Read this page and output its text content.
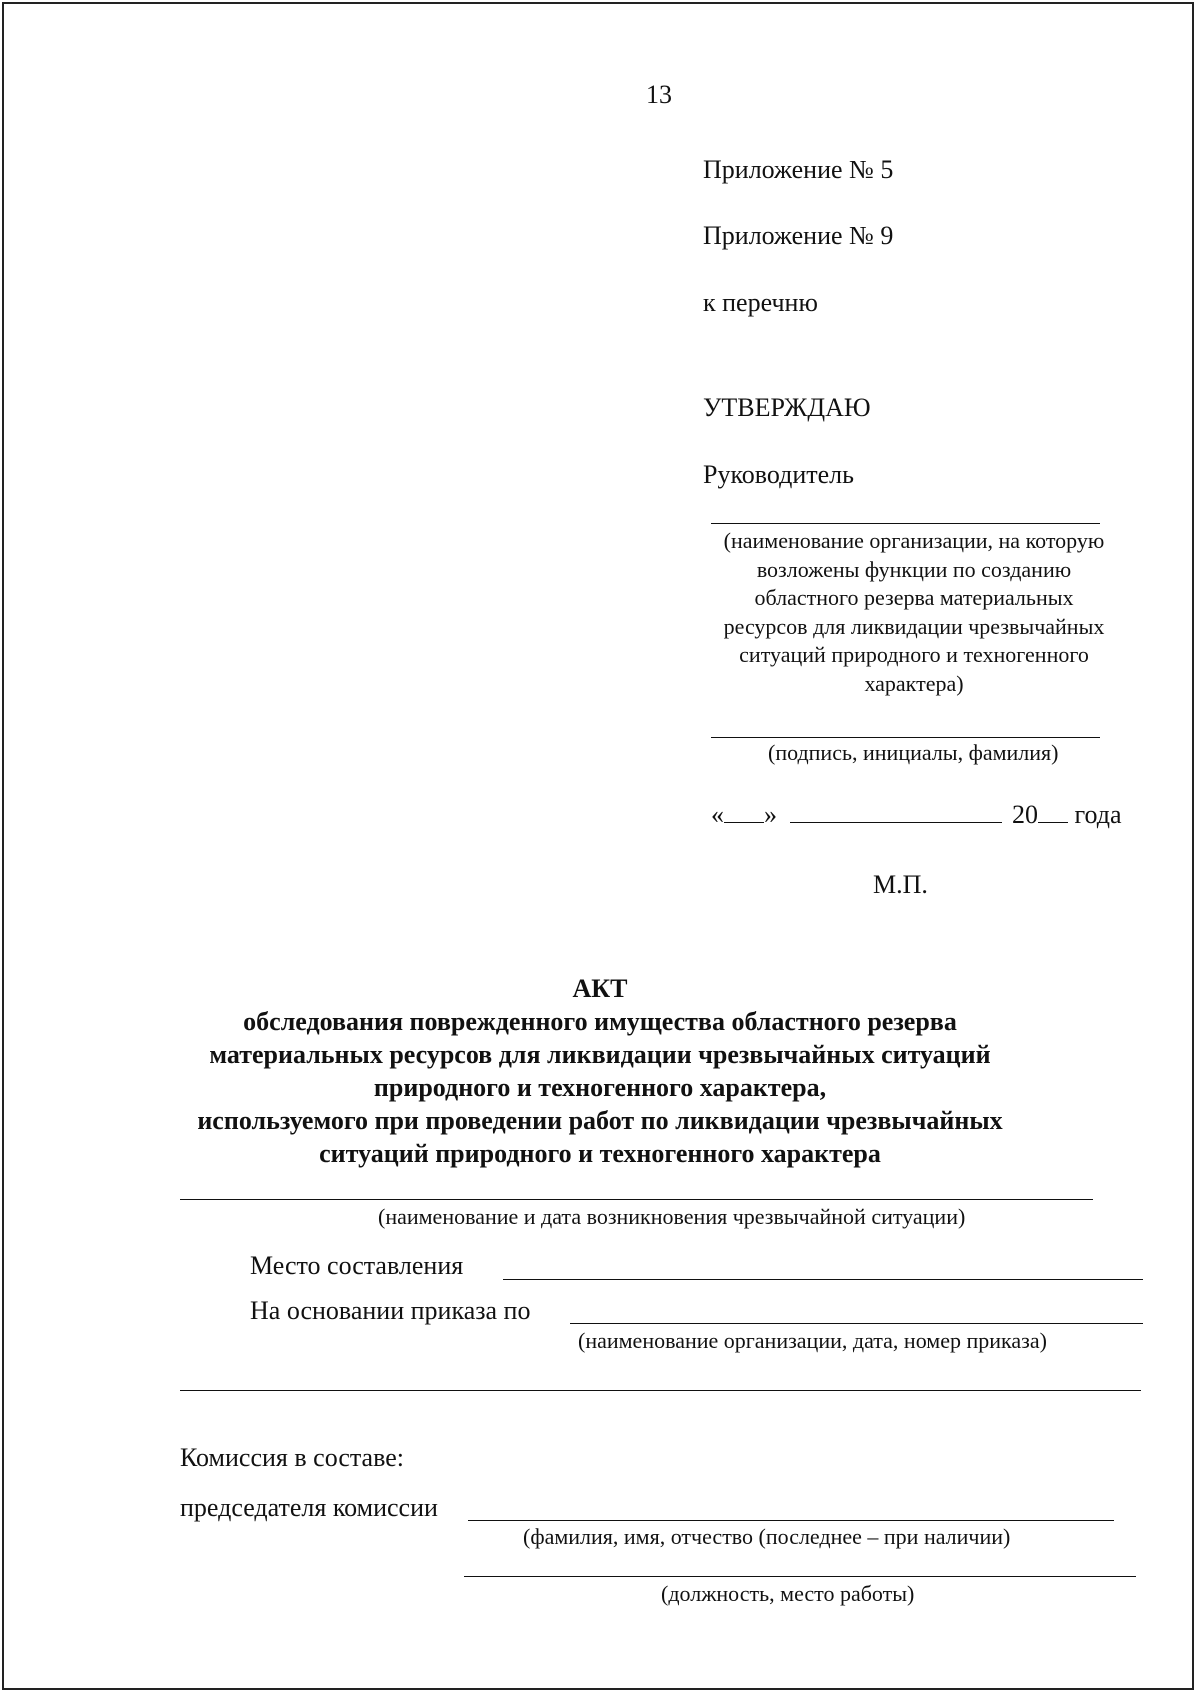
13
Приложение № 5
Приложение № 9
к перечню
УТВЕРЖДАЮ
Руководитель
(наименование организации, на которую возложены функции по созданию областного резерва материальных ресурсов для ликвидации чрезвычайных ситуаций природного и техногенного характера)
(подпись, инициалы, фамилия)
« »	20 года
М.П.
АКТ
обследования поврежденного имущества областного резерва
материальных ресурсов для ликвидации чрезвычайных ситуаций
природного и техногенного характера,
используемого при проведении работ по ликвидации чрезвычайных
ситуаций природного и техногенного характера
(наименование и дата возникновения чрезвычайной ситуации)
Место составления
На основании приказа по
(наименование организации, дата, номер приказа)
Комиссия в составе:
председателя комиссии
(фамилия, имя, отчество (последнее – при наличии)
(должность, место работы)
